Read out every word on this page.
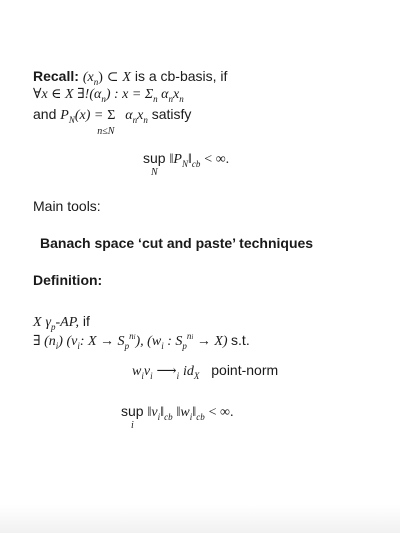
Recall: $(x_n)$ ⊂ X is a cb-basis, if
∀x ∈ X $\exists!(\alpha_n)$ : $x = \Sigma_n$ $\alpha_nx_n$
and $P_N(x) = \Sigma$
n≤N
$\alpha_nx_n$ satisfy
sup
N
$‖P_N‖_{cb}$ < ∞.
Main tools:
Banach space ‘cut and paste’ techniques
Definition:
X $\gamma_p-AP$, if
∃ $(n_i)$ ($v_i$: $X \to S_p^{ni}$), ($w_i$ : $S_p^{ni} \to X$) s.t.
$w_iv_i$ $⟶_i$ $id_X$ point-norm
sup
i
$‖v_i‖_{cb}$ $‖w_i‖_{cb}$ < ∞.
